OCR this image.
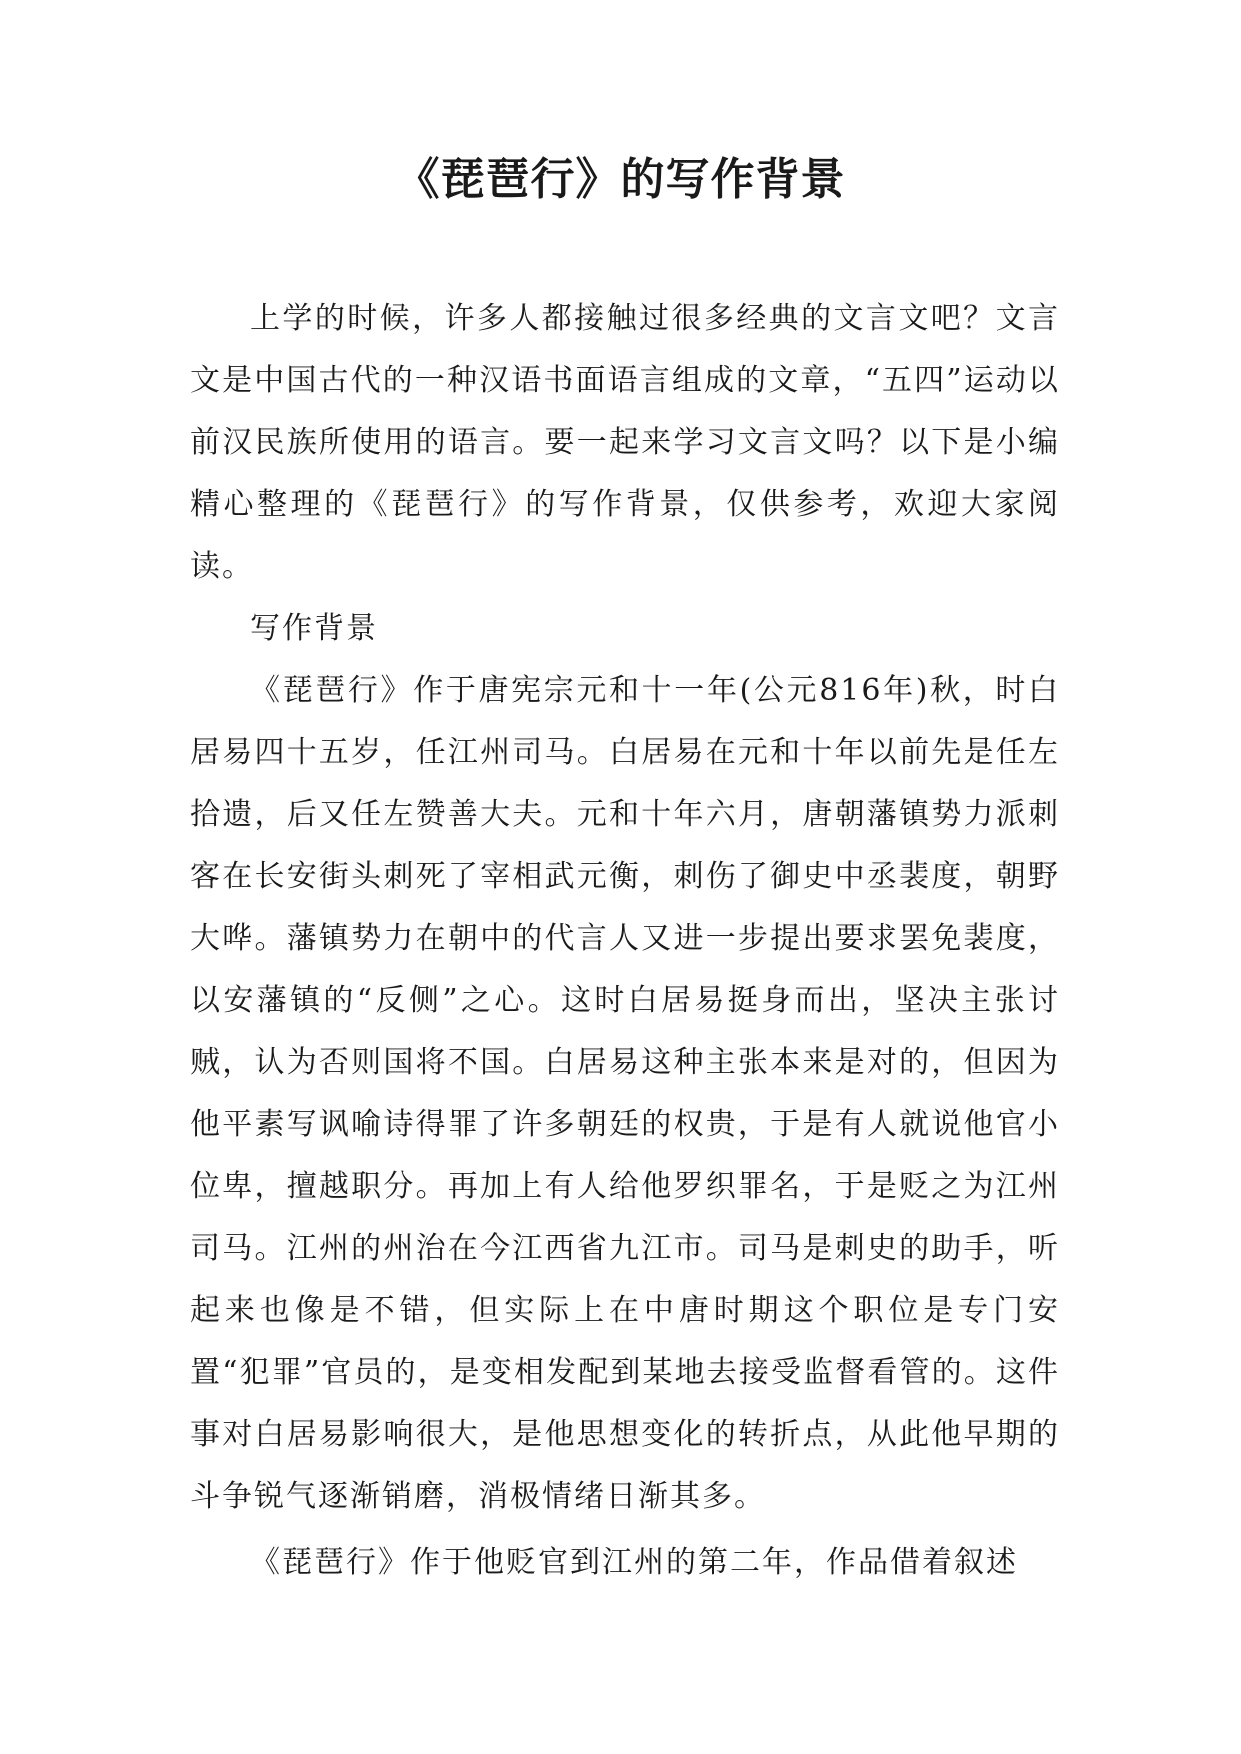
《琵琶行》的写作背景

上学的时候，许多人都接触过很多经典的文言文吧？文言文是中国古代的一种汉语书面语言组成的文章，“五四”运动以前汉民族所使用的语言。要一起来学习文言文吗？以下是小编精心整理的《琵琶行》的写作背景，仅供参考，欢迎大家阅读。

写作背景

《琵琶行》作于唐宪宗元和十一年(公元816年)秋，时白居易四十五岁，任江州司马。白居易在元和十年以前先是任左拾遗，后又任左赞善大夫。元和十年六月，唐朝藩镇势力派刺客在长安街头刺死了宰相武元衡，刺伤了御史中丞裴度，朝野大哗。藩镇势力在朝中的代言人又进一步提出要求罢免裴度，以安藩镇的“反侧”之心。这时白居易挺身而出，坚决主张讨贼，认为否则国将不国。白居易这种主张本来是对的，但因为他平素写讽喻诗得罪了许多朝廷的权贵，于是有人就说他官小位卑，擅越职分。再加上有人给他罗织罪名，于是贬之为江州司马。江州的州治在今江西省九江市。司马是刺史的助手，听起来也像是不错，但实际上在中唐时期这个职位是专门安置“犯罪”官员的，是变相发配到某地去接受监督看管的。这件事对白居易影响很大，是他思想变化的转折点，从此他早期的斗争锐气逐渐销磨，消极情绪日渐其多。

《琵琶行》作于他贬官到江州的第二年，作品借着叙述
